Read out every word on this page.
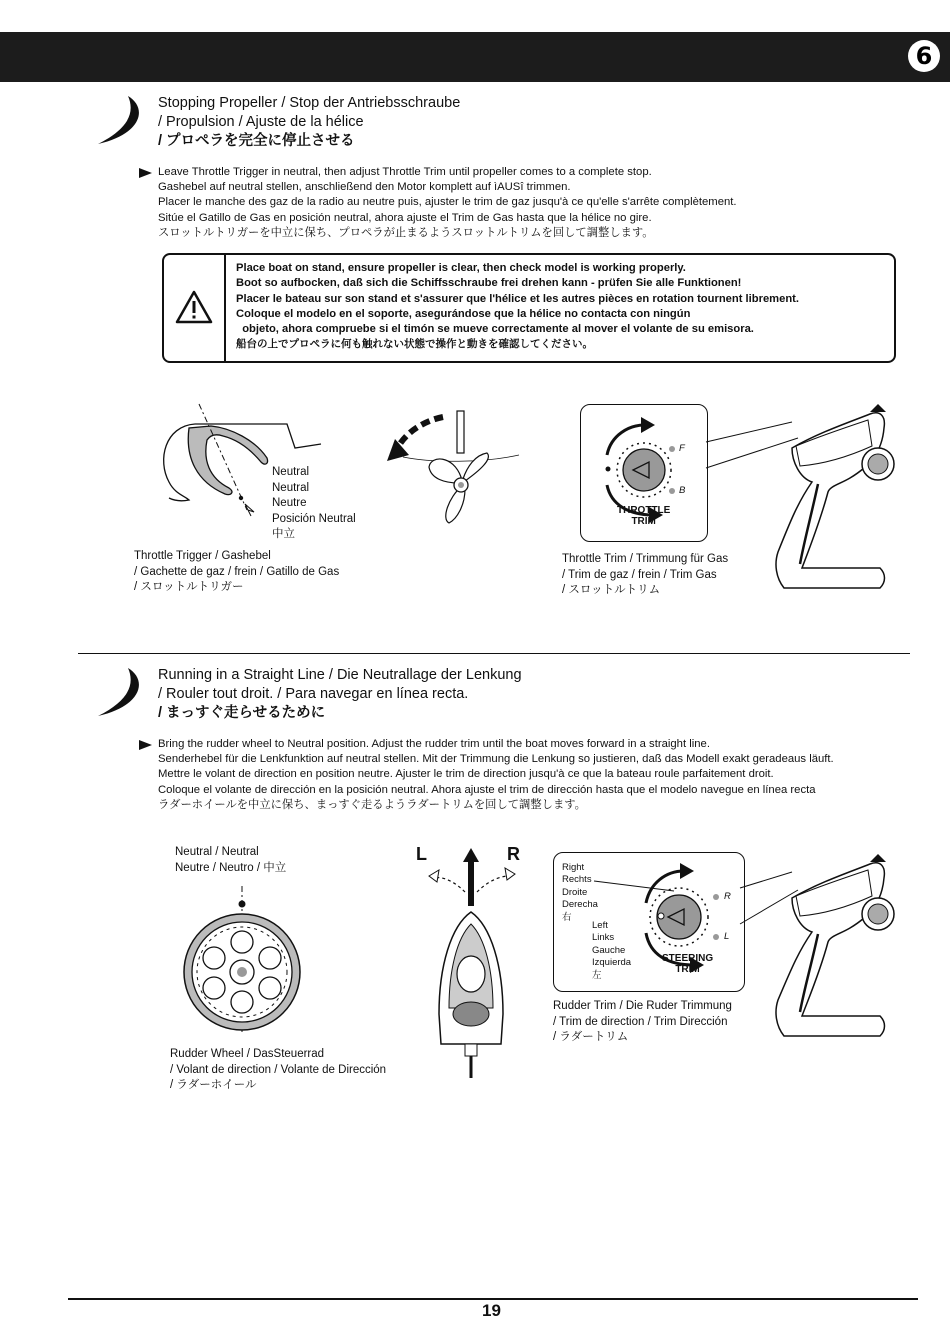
6
Stopping Propeller / Stop der Antriebsschraube
/ Propulsion / Ajuste de la hélice
/ プロペラを完全に停止させる
Leave Throttle Trigger in neutral, then adjust Throttle Trim until propeller comes to a complete stop.
Gashebel auf neutral stellen, anschließend den Motor komplett auf ìAUSî trimmen.
Placer le manche des gaz de la radio au neutre puis, ajuster le trim de gaz jusqu'à ce qu'elle s'arrête complètement.
Sitúe el Gatillo de Gas en posición neutral, ahora ajuste el Trim de Gas hasta que la hélice no gire.
スロットルトリガーを中立に保ち、プロペラが止まるようスロットルトリムを回して調整します。
Place boat on stand, ensure propeller is clear, then check model is working properly.
Boot so aufbocken, daß sich die Schiffsschraube frei drehen kann - prüfen Sie alle Funktionen!
Placer le bateau sur son stand et s'assurer que l'hélice et les autres pièces en rotation tournent librement.
Coloque el modelo en el soporte, asegurándose que la hélice no contacta con ningún
objeto, ahora compruebe si el timón se mueve correctamente al mover el volante de su emisora.
船台の上でプロペラに何も触れない状態で操作と動きを確認してください。
Neutral
Neutral
Neutre
Posición Neutral
中立
Throttle Trigger / Gashebel
/ Gachette de gaz / frein / Gatillo de Gas
/ スロットルトリガー
F
B
THROTTLE
TRIM
Throttle Trim / Trimmung für Gas
/ Trim de gaz / frein / Trim Gas
/ スロットルトリム
Running in a Straight Line / Die Neutrallage der Lenkung
/ Rouler tout droit. / Para navegar en línea recta.
/ まっすぐ走らせるために
Bring the rudder wheel to Neutral position. Adjust the rudder trim until the boat moves forward in a straight line.
Senderhebel für die Lenkfunktion auf neutral stellen. Mit der Trimmung die Lenkung so justieren, daß das Modell exakt geradeaus läuft.
Mettre le volant de direction en position neutre. Ajuster le trim de direction jusqu'à ce que la bateau roule parfaitement droit.
Coloque el volante de dirección en la posición neutral. Ahora ajuste el trim de dirección hasta que el modelo navegue en línea recta
ラダーホイールを中立に保ち、まっすぐ走るようラダートリムを回して調整します。
Neutral / Neutral
Neutre / Neutro / 中立
Rudder Wheel / DasSteuerrad
/ Volant de direction / Volante de Dirección
/ ラダーホイール
L	R
Right
Rechts
Droite
Derecha
右
Left
Links
Gauche
Izquierda
左
R
L
STEERING
TRIM
Rudder Trim / Die Ruder Trimmung
/ Trim de direction / Trim Dirección
/ ラダートリム
19
